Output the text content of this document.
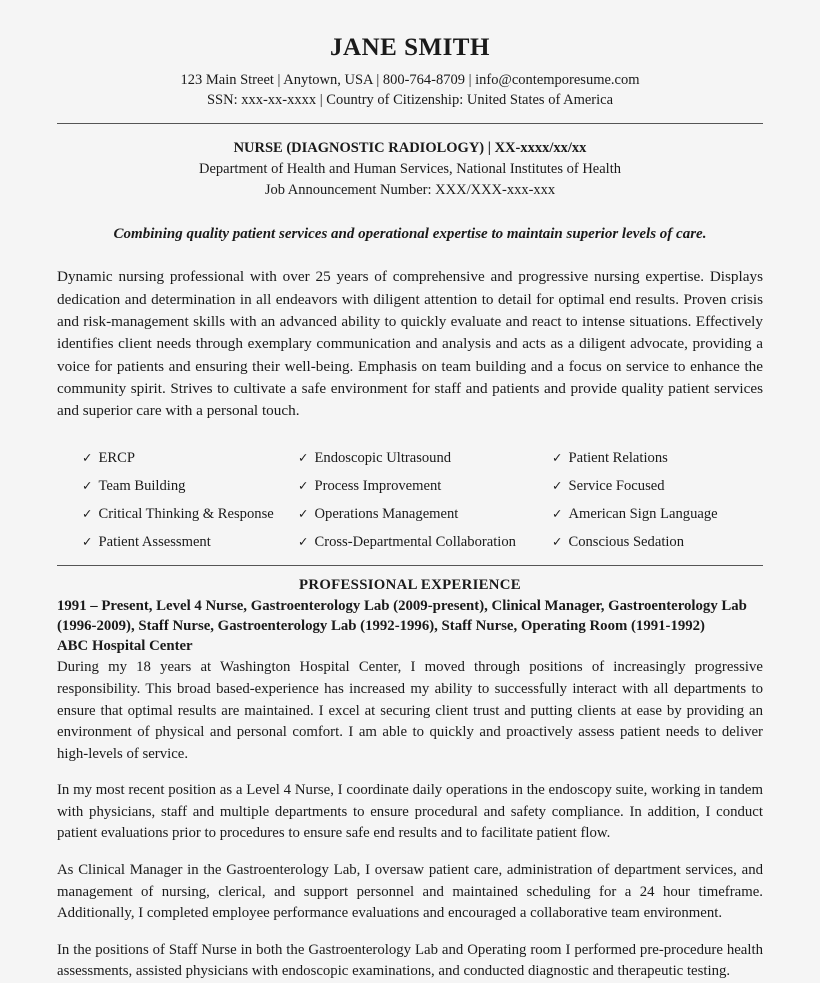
JANE SMITH
123 Main Street | Anytown, USA | 800-764-8709 | info@contemporesume.com
SSN: xxx-xx-xxxx | Country of Citizenship: United States of America
NURSE (DIAGNOSTIC RADIOLOGY) | XX-xxxx/xx/xx
Department of Health and Human Services, National Institutes of Health
Job Announcement Number: XXX/XXX-xxx-xxx
Combining quality patient services and operational expertise to maintain superior levels of care.
Dynamic nursing professional with over 25 years of comprehensive and progressive nursing expertise. Displays dedication and determination in all endeavors with diligent attention to detail for optimal end results. Proven crisis and risk-management skills with an advanced ability to quickly evaluate and react to intense situations. Effectively identifies client needs through exemplary communication and analysis and acts as a diligent advocate, providing a voice for patients and ensuring their well-being. Emphasis on team building and a focus on service to enhance the community spirit. Strives to cultivate a safe environment for staff and patients and provide quality patient services and superior care with a personal touch.
✓ ERCP	✓ Endoscopic Ultrasound	✓ Patient Relations
✓ Team Building	✓ Process Improvement	✓ Service Focused
✓ Critical Thinking & Response	✓ Operations Management	✓ American Sign Language
✓ Patient Assessment	✓ Cross-Departmental Collaboration	✓ Conscious Sedation
PROFESSIONAL EXPERIENCE
1991 – Present, Level 4 Nurse, Gastroenterology Lab (2009-present), Clinical Manager, Gastroenterology Lab (1996-2009), Staff Nurse, Gastroenterology Lab (1992-1996), Staff Nurse, Operating Room (1991-1992)
ABC Hospital Center
During my 18 years at Washington Hospital Center, I moved through positions of increasingly progressive responsibility. This broad based-experience has increased my ability to successfully interact with all departments to ensure that optimal results are maintained. I excel at securing client trust and putting clients at ease by providing an environment of physical and personal comfort. I am able to quickly and proactively assess patient needs to deliver high-levels of service.
In my most recent position as a Level 4 Nurse, I coordinate daily operations in the endoscopy suite, working in tandem with physicians, staff and multiple departments to ensure procedural and safety compliance. In addition, I conduct patient evaluations prior to procedures to ensure safe end results and to facilitate patient flow.
As Clinical Manager in the Gastroenterology Lab, I oversaw patient care, administration of department services, and management of nursing, clerical, and support personnel and maintained scheduling for a 24 hour timeframe. Additionally, I completed employee performance evaluations and encouraged a collaborative team environment.
In the positions of Staff Nurse in both the Gastroenterology Lab and Operating room I performed pre-procedure health assessments, assisted physicians with endoscopic examinations, and conducted diagnostic and therapeutic testing.
